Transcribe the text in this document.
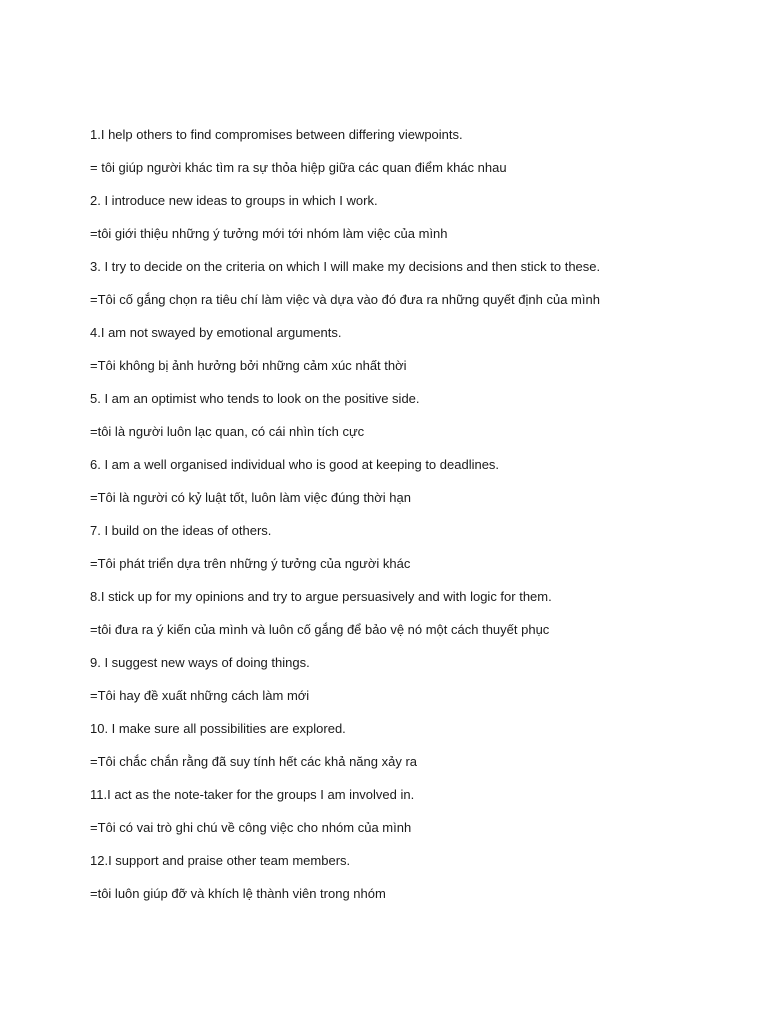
1.I help others to find compromises between differing viewpoints.
= tôi giúp người khác tìm ra sự thỏa hiệp giữa các quan điểm khác nhau
2. I introduce new ideas to groups in which I work.
=tôi giới thiệu những ý tưởng mới tới nhóm làm việc của mình
3. I try to decide on the criteria on which I will make my decisions and then stick to these.
=Tôi cố gắng chọn ra tiêu chí làm việc và dựa vào đó đưa ra những quyết định của mình
4.I am not swayed by emotional arguments.
=Tôi không bị ảnh hưởng bởi những cảm xúc nhất thời
5. I am an optimist who tends to look on the positive side.
=tôi là người luôn lạc quan, có cái nhìn tích cực
6. I am a well organised individual who is good at keeping to deadlines.
=Tôi là người có kỷ luật tốt, luôn làm việc đúng thời hạn
7. I build on the ideas of others.
=Tôi phát triển dựa trên những ý tưởng của người khác
8.I stick up for my opinions and try to argue persuasively and with logic for them.
=tôi đưa ra ý kiến của mình và luôn cố gắng để bảo vệ nó một cách thuyết phục
9. I suggest new ways of doing things.
=Tôi hay đề xuất những cách làm mới
10. I make sure all possibilities are explored.
=Tôi chắc chắn rằng đã suy tính hết các khả năng xảy ra
11.I act as the note-taker for the groups I am involved in.
=Tôi có vai trò ghi chú về công việc cho nhóm của mình
12.I support and praise other team members.
=tôi luôn giúp đỡ và khích lệ thành viên trong nhóm
